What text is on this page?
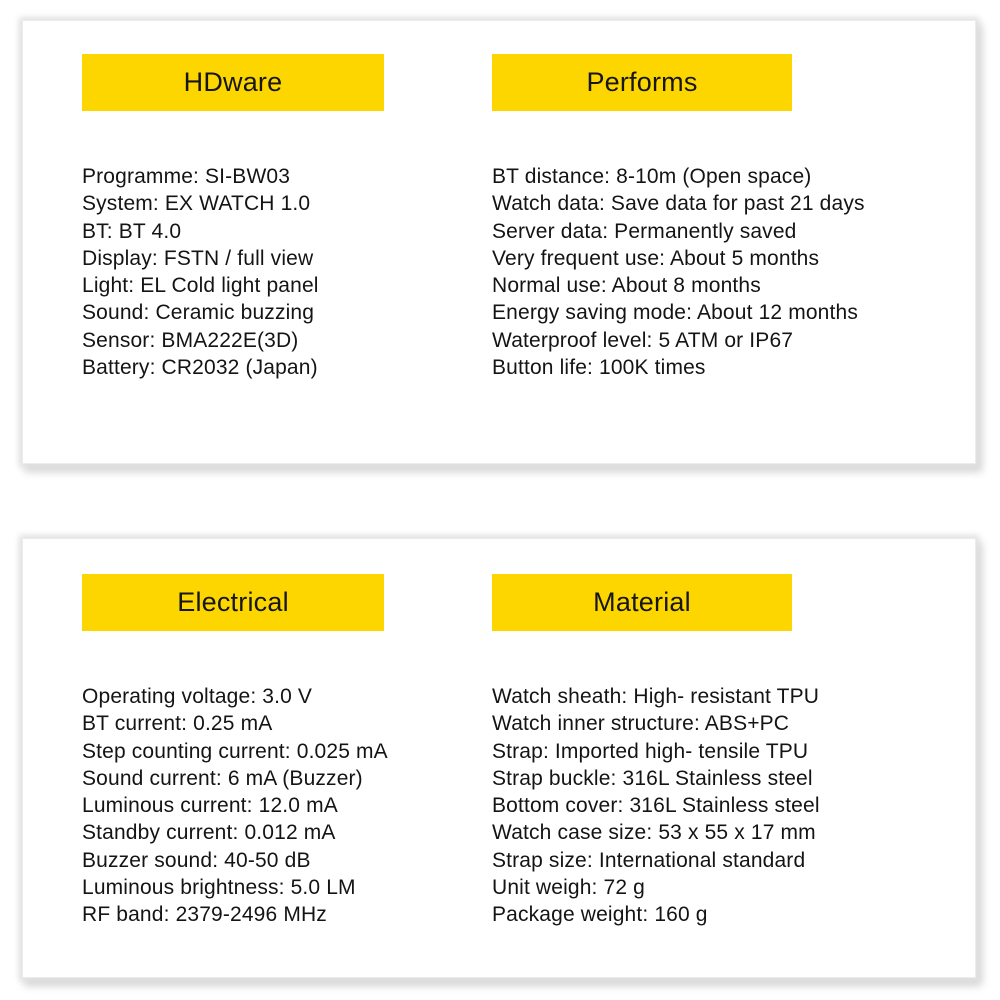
HDware
Programme: SI-BW03
System: EX WATCH 1.0
BT: BT 4.0
Display: FSTN / full view
Light: EL Cold light panel
Sound: Ceramic buzzing
Sensor: BMA222E(3D)
Battery: CR2032 (Japan)
Performs
BT distance: 8-10m (Open space)
Watch data: Save data for past 21 days
Server data: Permanently saved
Very frequent use: About 5 months
Normal use: About 8 months
Energy saving mode: About 12 months
Waterproof level: 5 ATM or IP67
Button life: 100K times
Electrical
Operating voltage: 3.0 V
BT current: 0.25 mA
Step counting current: 0.025 mA
Sound current: 6 mA (Buzzer)
Luminous current: 12.0 mA
Standby current: 0.012 mA
Buzzer sound: 40-50 dB
Luminous brightness: 5.0 LM
RF band: 2379-2496 MHz
Material
Watch sheath: High- resistant TPU
Watch inner structure: ABS+PC
Strap: Imported high- tensile TPU
Strap buckle: 316L Stainless steel
Bottom cover: 316L Stainless steel
Watch case size: 53 x 55 x 17 mm
Strap size: International standard
Unit weigh: 72 g
Package weight: 160 g
